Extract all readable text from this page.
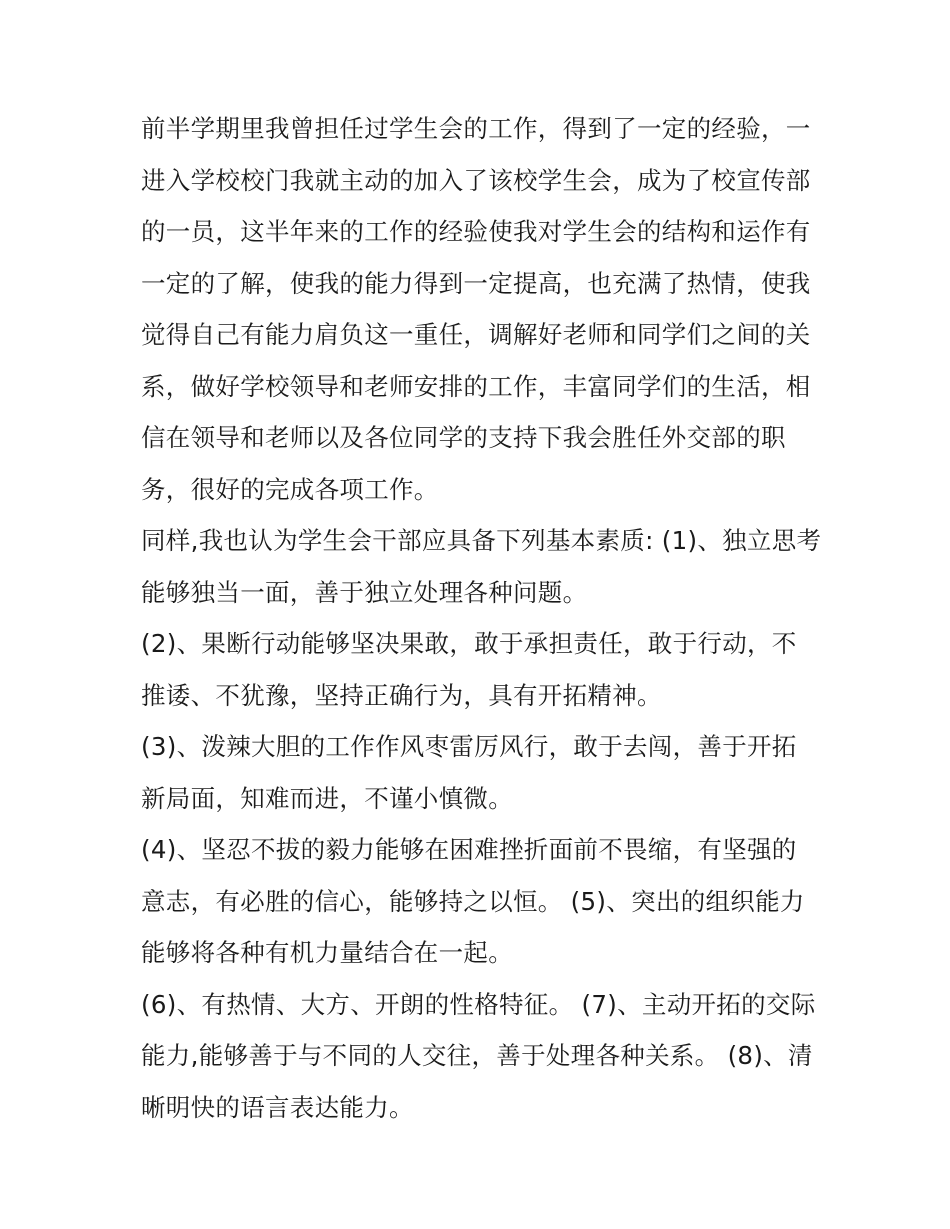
前半学期里我曾担任过学生会的工作，得到了一定的经验，一
进入学校校门我就主动的加入了该校学生会，成为了校宣传部
的一员，这半年来的工作的经验使我对学生会的结构和运作有
一定的了解，使我的能力得到一定提高，也充满了热情，使我
觉得自己有能力肩负这一重任，调解好老师和同学们之间的关
系，做好学校领导和老师安排的工作，丰富同学们的生活，相
信在领导和老师以及各位同学的支持下我会胜任外交部的职
务，很好的完成各项工作。
同样,我也认为学生会干部应具备下列基本素质: (1)、独立思考
能够独当一面，善于独立处理各种问题。
(2)、果断行动能够坚决果敢，敢于承担责任，敢于行动，不
推诿、不犹豫，坚持正确行为，具有开拓精神。
(3)、泼辣大胆的工作作风枣雷厉风行，敢于去闯，善于开拓
新局面，知难而进，不谨小慎微。
(4)、坚忍不拔的毅力能够在困难挫折面前不畏缩，有坚强的
意志，有必胜的信心，能够持之以恒。 (5)、突出的组织能力
能够将各种有机力量结合在一起。
(6)、有热情、大方、开朗的性格特征。 (7)、主动开拓的交际
能力,能够善于与不同的人交往，善于处理各种关系。 (8)、清
晰明快的语言表达能力。
